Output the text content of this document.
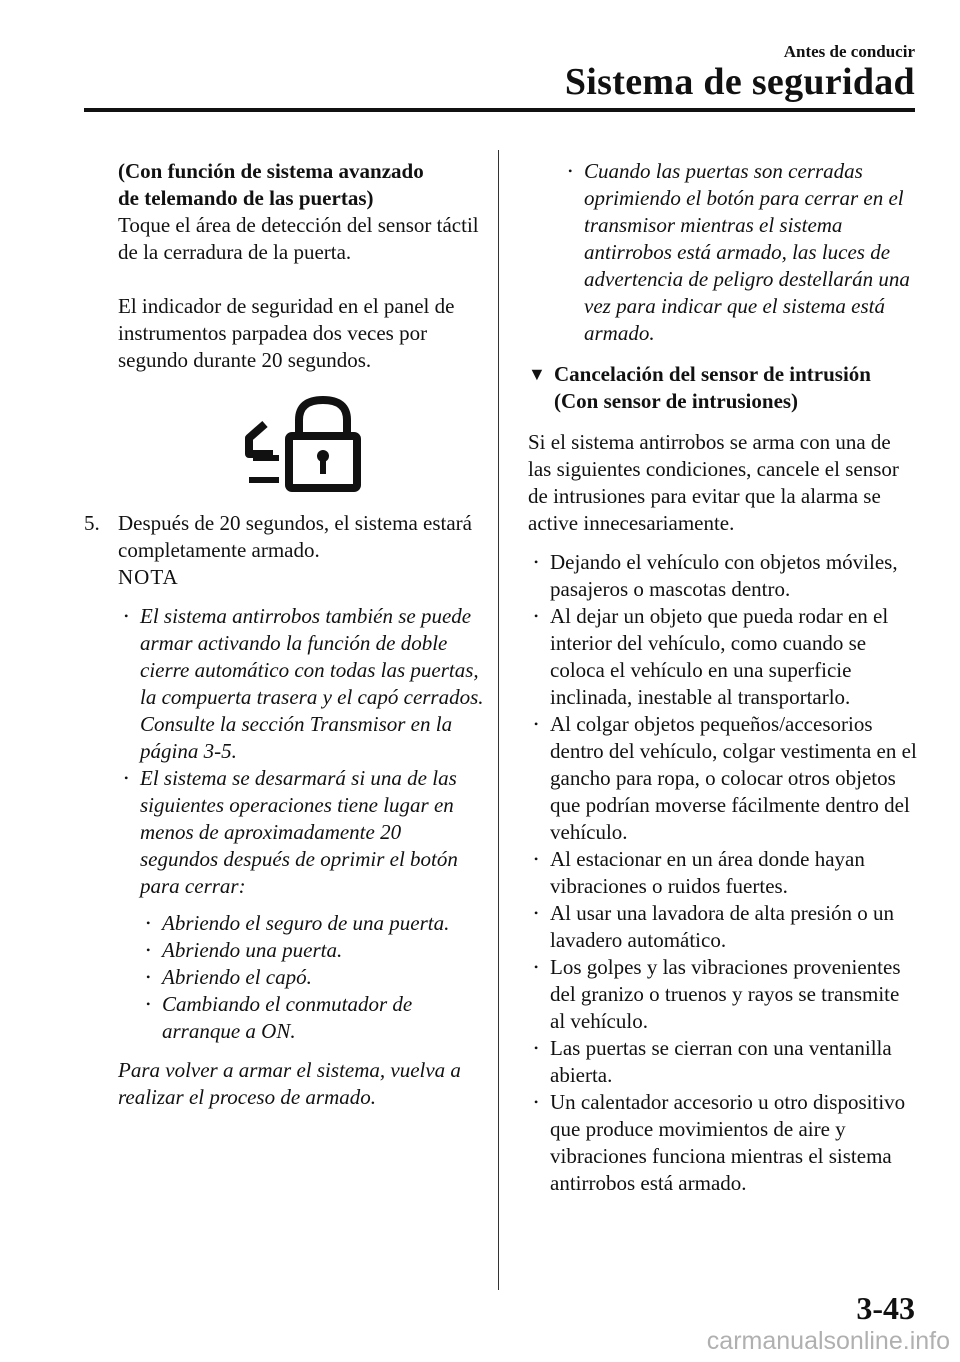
Antes de conducir
Sistema de seguridad

(Con función de sistema avanzado

de telemando de las puertas)

Toque el área de detección del sensor táctil de la cerradura de la puerta.

El indicador de seguridad en el panel de instrumentos parpadea dos veces por segundo durante 20 segundos.

5. Después de 20 segundos, el sistema estará completamente armado.

NOTA

• El sistema antirrobos también se puede armar activando la función de doble cierre automático con todas las puertas, la compuerta trasera y el capó cerrados.

Consulte la sección Transmisor en la página 3-5.

• El sistema se desarmará si una de las siguientes operaciones tiene lugar en menos de aproximadamente 20 segundos después de oprimir el botón para cerrar:

• Abriendo el seguro de una puerta.

• Abriendo una puerta.

• Abriendo el capó.

• Cambiando el conmutador de arranque a ON.

Para volver a armar el sistema, vuelva a realizar el proceso de armado.

• Cuando las puertas son cerradas oprimiendo el botón para cerrar en el transmisor mientras el sistema antirrobos está armado, las luces de advertencia de peligro destellarán una vez para indicar que el sistema está armado.

▼ Cancelación del sensor de intrusión
(Con sensor de intrusiones)

Si el sistema antirrobos se arma con una de las siguientes condiciones, cancele el sensor de intrusiones para evitar que la alarma se active innecesariamente.

• Dejando el vehículo con objetos móviles, pasajeros o mascotas dentro.

• Al dejar un objeto que pueda rodar en el interior del vehículo, como cuando se coloca el vehículo en una superficie inclinada, inestable al transportarlo.

• Al colgar objetos pequeños/accesorios dentro del vehículo, colgar vestimenta en el gancho para ropa, o colocar otros objetos que podrían moverse fácilmente dentro del vehículo.

• Al estacionar en un área donde hayan vibraciones o ruidos fuertes.

• Al usar una lavadora de alta presión o un lavadero automático.

• Los golpes y las vibraciones provenientes del granizo o truenos y rayos se transmite al vehículo.

• Las puertas se cierran con una ventanilla abierta.

• Un calentador accesorio u otro dispositivo que produce movimientos de aire y vibraciones funciona mientras el sistema antirrobos está armado.

3-43
carmanualsonline.info
